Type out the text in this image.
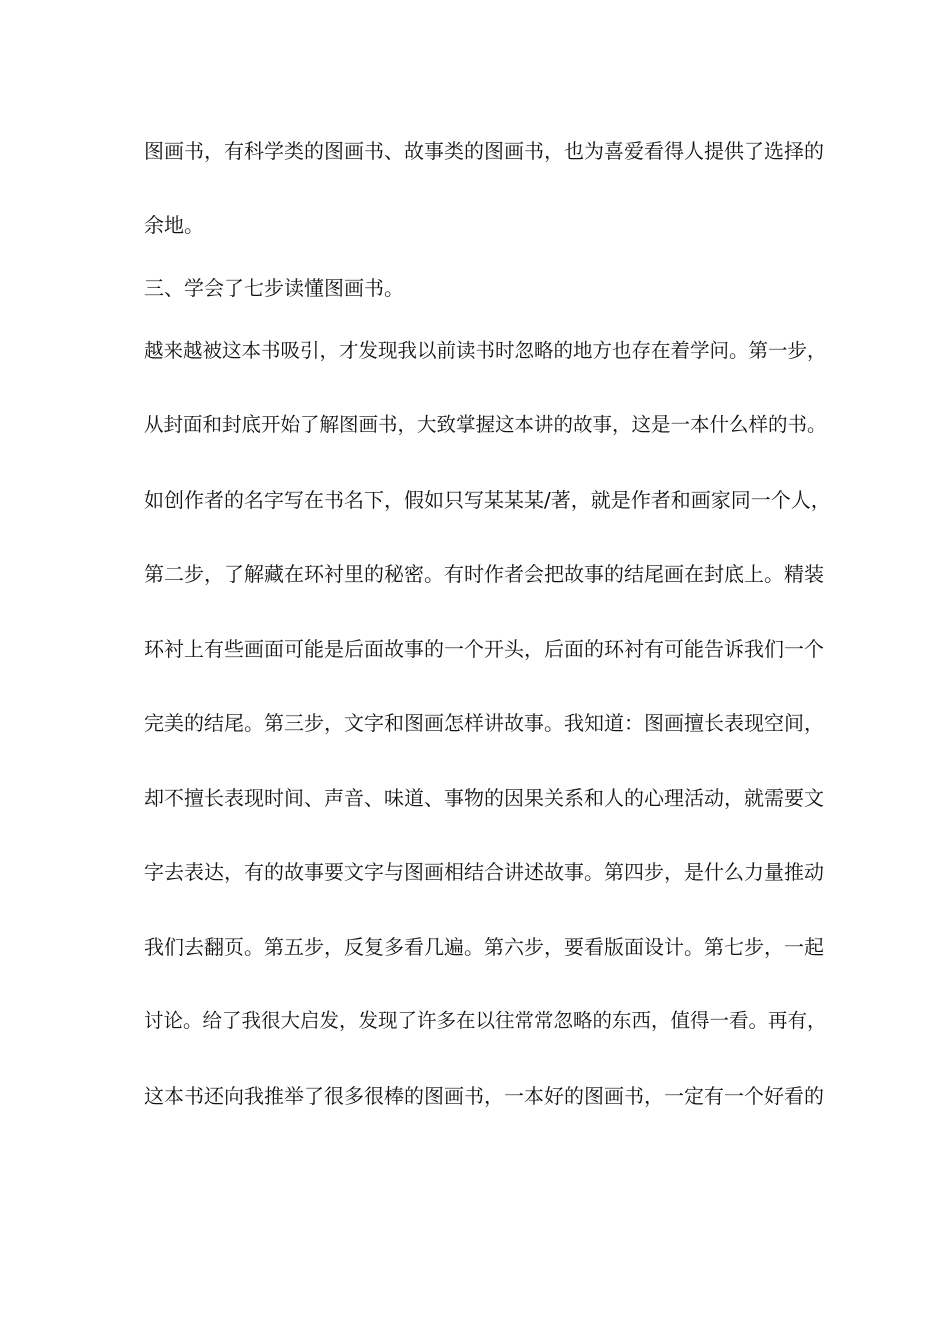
图画书，有科学类的图画书、故事类的图画书，也为喜爱看得人提供了选择的
余地。
三、学会了七步读懂图画书。
越来越被这本书吸引，才发现我以前读书时忽略的地方也存在着学问。第一步，
从封面和封底开始了解图画书，大致掌握这本讲的故事，这是一本什么样的书。
如创作者的名字写在书名下，假如只写某某某/著，就是作者和画家同一个人，
第二步，了解藏在环衬里的秘密。有时作者会把故事的结尾画在封底上。精装
环衬上有些画面可能是后面故事的一个开头，后面的环衬有可能告诉我们一个
完美的结尾。第三步，文字和图画怎样讲故事。我知道：图画擅长表现空间，
却不擅长表现时间、声音、味道、事物的因果关系和人的心理活动，就需要文
字去表达，有的故事要文字与图画相结合讲述故事。第四步，是什么力量推动
我们去翻页。第五步，反复多看几遍。第六步，要看版面设计。第七步，一起
讨论。给了我很大启发，发现了许多在以往常常忽略的东西，值得一看。再有，
这本书还向我推举了很多很棒的图画书，一本好的图画书，一定有一个好看的
